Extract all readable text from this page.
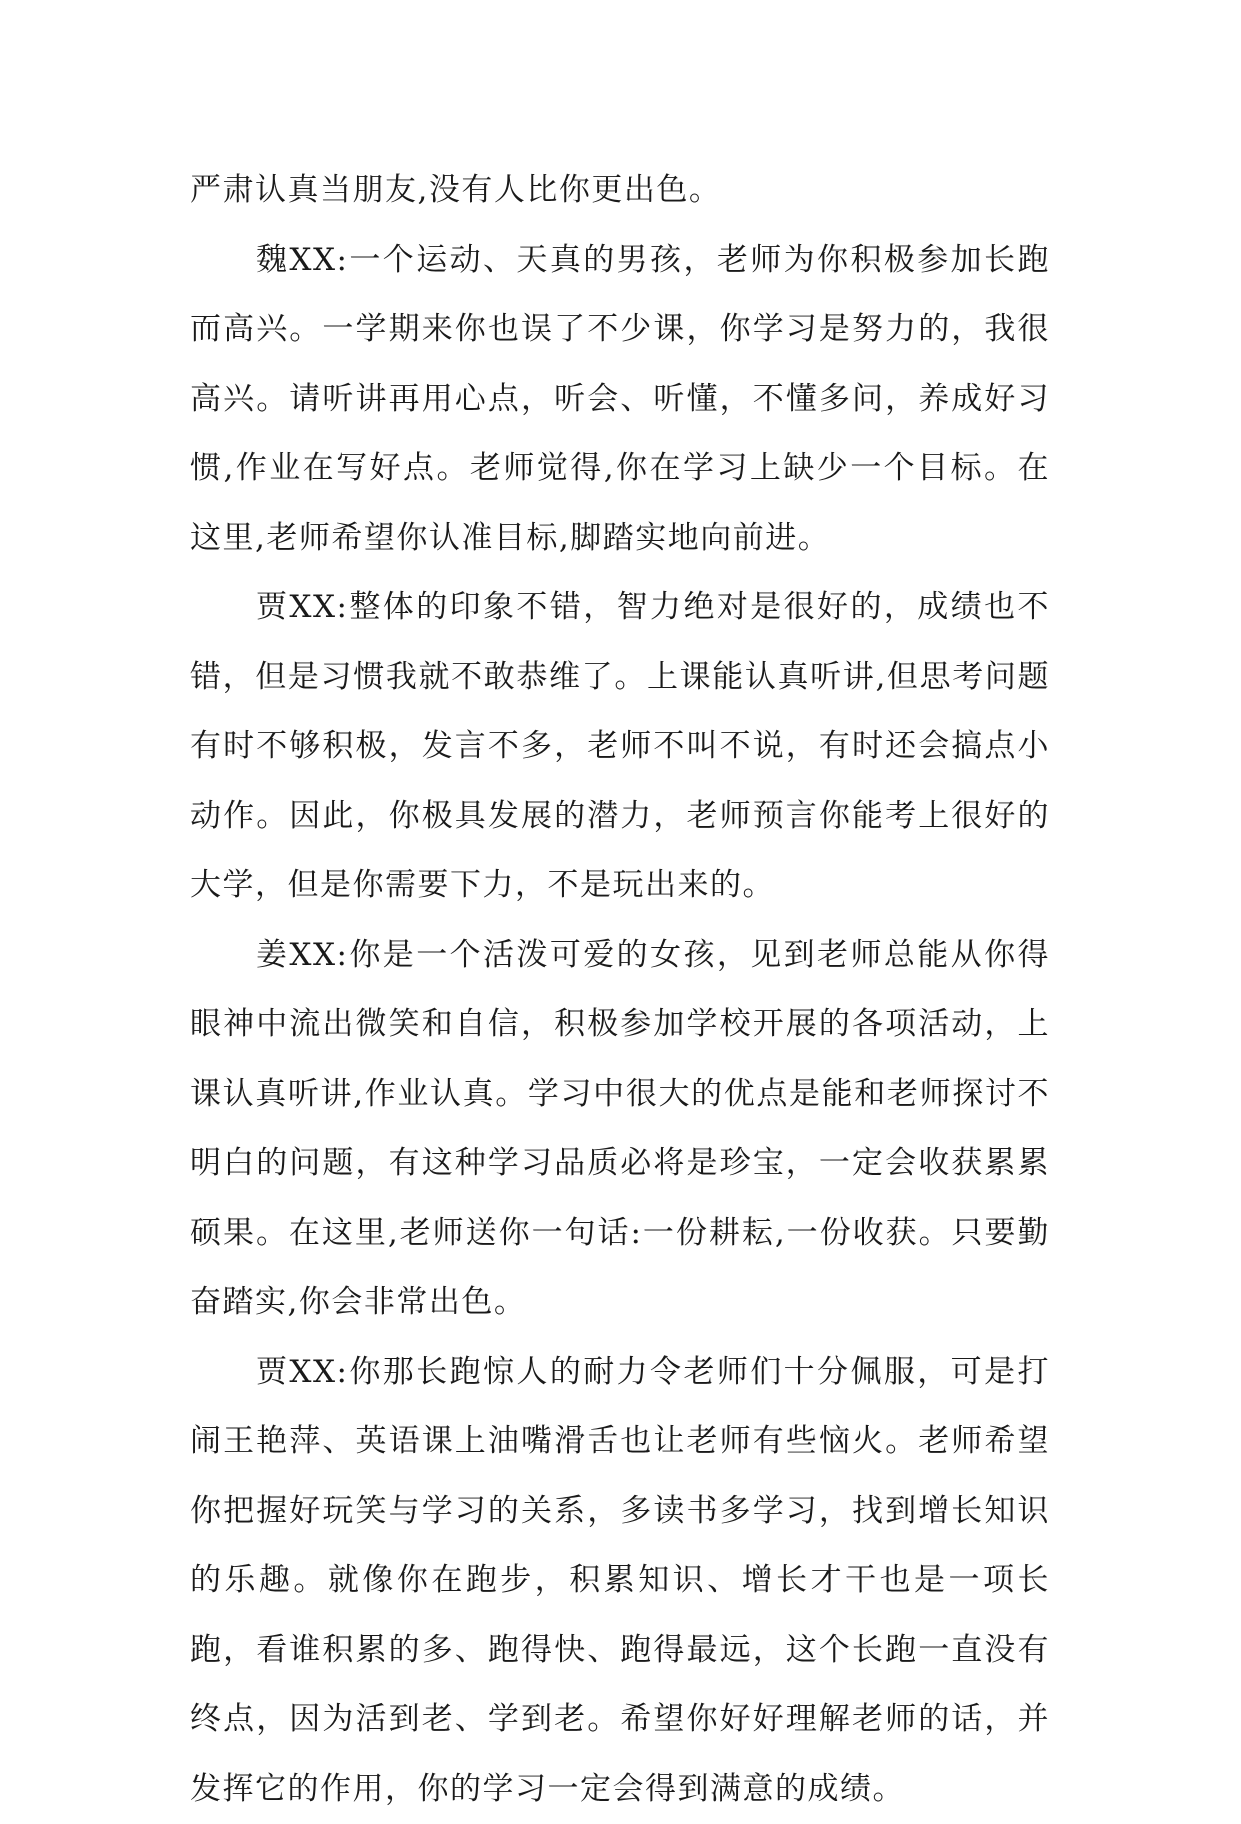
严肃认真当朋友,没有人比你更出色。

魏XX:一个运动、天真的男孩，老师为你积极参加长跑而高兴。一学期来你也误了不少课，你学习是努力的，我很高兴。请听讲再用心点，听会、听懂，不懂多问，养成好习惯,作业在写好点。老师觉得,你在学习上缺少一个目标。在这里,老师希望你认准目标,脚踏实地向前进。

贾XX:整体的印象不错，智力绝对是很好的，成绩也不错，但是习惯我就不敢恭维了。上课能认真听讲,但思考问题有时不够积极，发言不多，老师不叫不说，有时还会搞点小动作。因此，你极具发展的潜力，老师预言你能考上很好的大学，但是你需要下力，不是玩出来的。

姜XX:你是一个活泼可爱的女孩，见到老师总能从你得眼神中流出微笑和自信，积极参加学校开展的各项活动，上课认真听讲,作业认真。学习中很大的优点是能和老师探讨不明白的问题，有这种学习品质必将是珍宝，一定会收获累累硕果。在这里,老师送你一句话:一份耕耘,一份收获。只要勤奋踏实,你会非常出色。

贾XX:你那长跑惊人的耐力令老师们十分佩服，可是打闹王艳萍、英语课上油嘴滑舌也让老师有些恼火。老师希望你把握好玩笑与学习的关系，多读书多学习，找到增长知识的乐趣。就像你在跑步，积累知识、增长才干也是一项长跑，看谁积累的多、跑得快、跑得最远，这个长跑一直没有终点，因为活到老、学到老。希望你好好理解老师的话，并发挥它的作用，你的学习一定会得到满意的成绩。
